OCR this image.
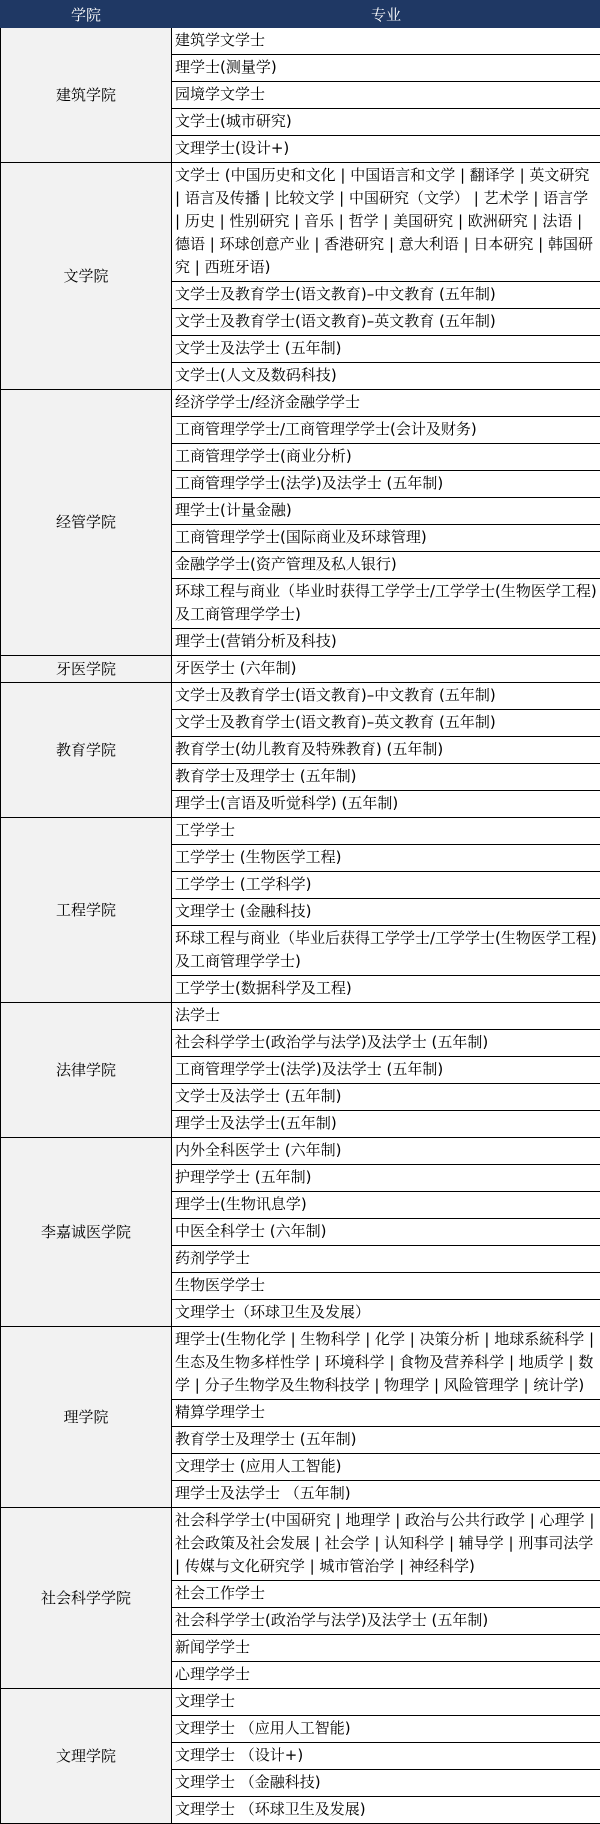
学院	专业
建筑学院	建筑学文学士
	理学士(测量学)
	园境学文学士
	文学士(城市研究)
	文理学士(设计+)
文学院	文学士 (中国历史和文化 | 中国语言和文学 | 翻译学 | 英文研究 | 语言及传播 | 比较文学 | 中国研究（文学） | 艺术学 | 语言学 | 历史 | 性别研究 | 音乐 | 哲学 | 美国研究 | 欧洲研究 | 法语 | 德语 | 环球创意产业 | 香港研究 | 意大利语 | 日本研究 | 韩国研究 | 西班牙语)
	文学士及教育学士(语文教育)–中文教育 (五年制)
	文学士及教育学士(语文教育)–英文教育 (五年制)
	文学士及法学士 (五年制)
	文学士(人文及数码科技)
经管学院	经济学学士/经济金融学学士
	工商管理学学士/工商管理学学士(会计及财务)
	工商管理学学士(商业分析)
	工商管理学学士(法学)及法学士 (五年制)
	理学士(计量金融)
	工商管理学学士(国际商业及环球管理)
	金融学学士(资产管理及私人银行)
	环球工程与商业（毕业时获得工学学士/工学学士(生物医学工程) 及工商管理学学士)
	理学士(营销分析及科技)
牙医学院	牙医学士 (六年制)
教育学院	文学士及教育学士(语文教育)–中文教育 (五年制)
	文学士及教育学士(语文教育)–英文教育 (五年制)
	教育学士(幼儿教育及特殊教育) (五年制)
	教育学士及理学士 (五年制)
	理学士(言语及听觉科学) (五年制)
工程学院	工学学士
	工学学士 (生物医学工程)
	工学学士 (工学科学)
	文理学士 (金融科技)
	环球工程与商业（毕业后获得工学学士/工学学士(生物医学工程) 及工商管理学学士)
	工学学士(数据科学及工程)
法律学院	法学士
	社会科学学士(政治学与法学)及法学士 (五年制)
	工商管理学学士(法学)及法学士 (五年制)
	文学士及法学士 (五年制)
	理学士及法学士(五年制)
李嘉诚医学院	内外全科医学士 (六年制)
	护理学学士 (五年制)
	理学士(生物讯息学)
	中医全科学士 (六年制)
	药剂学学士
	生物医学学士
	文理学士（环球卫生及发展）
理学院	理学士(生物化学 | 生物科学 | 化学 | 决策分析 | 地球系統科学 | 生态及生物多样性学 | 环境科学 | 食物及营养科学 | 地质学 | 数学 | 分子生物学及生物科技学 | 物理学 | 风险管理学 | 统计学)
	精算学理学士
	教育学士及理学士 (五年制)
	文理学士 (应用人工智能)
	理学士及法学士 （五年制)
社会科学学院	社会科学学士(中国研究 | 地理学 | 政治与公共行政学 | 心理学 | 社会政策及社会发展 | 社会学 | 认知科学 | 辅导学 | 刑事司法学 | 传媒与文化研究学 | 城市管治学 | 神经科学)
	社会工作学士
	社会科学学士(政治学与法学)及法学士 (五年制)
	新闻学学士
	心理学学士
文理学院	文理学士
	文理学士 （应用人工智能)
	文理学士 （设计+)
	文理学士 （金融科技)
	文理学士 （环球卫生及发展)
